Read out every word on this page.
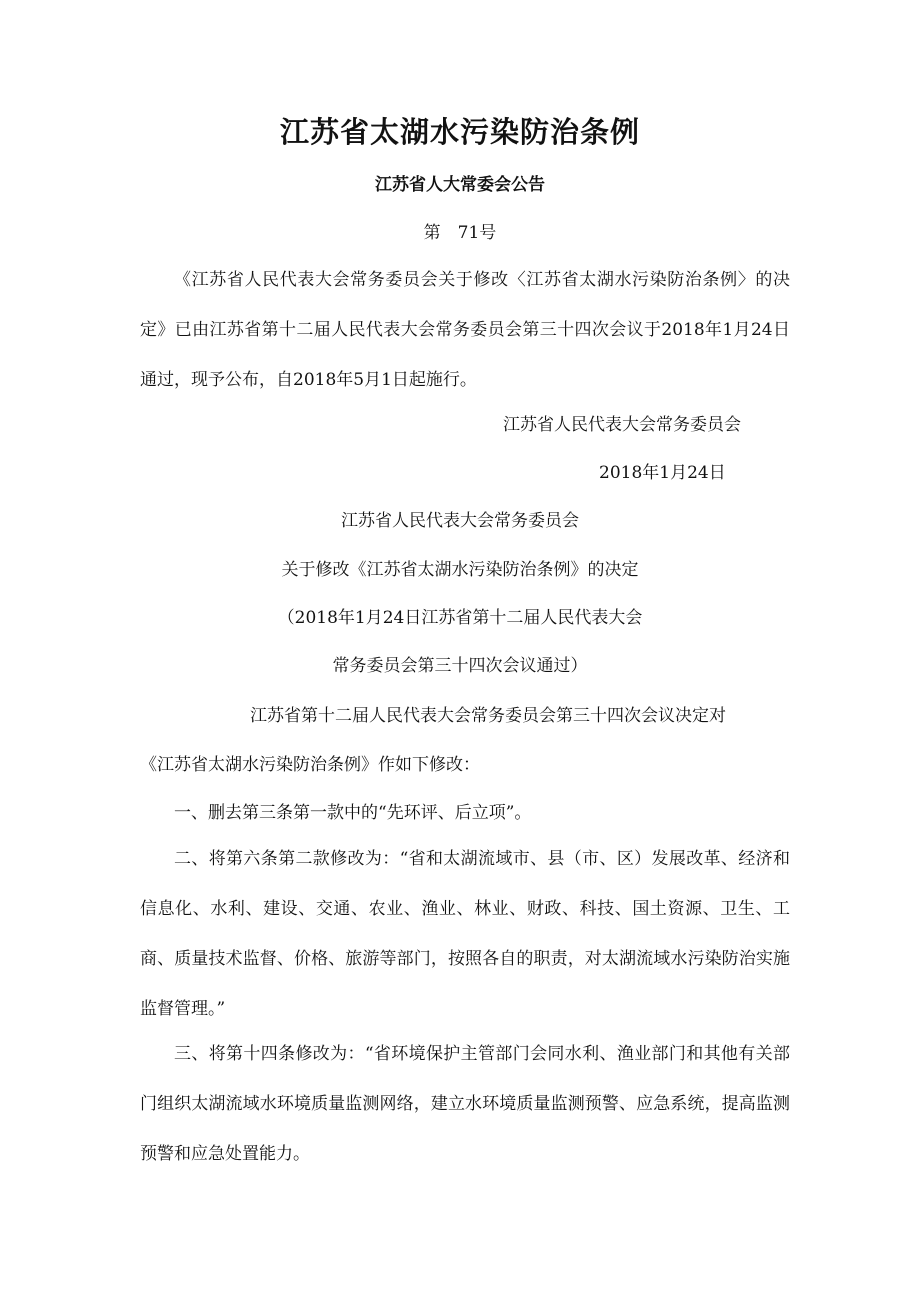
江苏省太湖水污染防治条例
江苏省人大常委会公告
第　71号
《江苏省人民代表大会常务委员会关于修改〈江苏省太湖水污染防治条例〉的决定》已由江苏省第十二届人民代表大会常务委员会第三十四次会议于2018年1月24日通过，现予公布，自2018年5月1日起施行。
江苏省人民代表大会常务委员会
2018年1月24日
江苏省人民代表大会常务委员会
关于修改《江苏省太湖水污染防治条例》的决定
（2018年1月24日江苏省第十二届人民代表大会
常务委员会第三十四次会议通过）
江苏省第十二届人民代表大会常务委员会第三十四次会议决定对
《江苏省太湖水污染防治条例》作如下修改：
一、删去第三条第一款中的“先环评、后立项”。
二、将第六条第二款修改为：“省和太湖流域市、县（市、区）发展改革、经济和信息化、水利、建设、交通、农业、渔业、林业、财政、科技、国土资源、卫生、工商、质量技术监督、价格、旅游等部门，按照各自的职责，对太湖流域水污染防治实施监督管理。”
三、将第十四条修改为：“省环境保护主管部门会同水利、渔业部门和其他有关部门组织太湖流域水环境质量监测网络，建立水环境质量监测预警、应急系统，提高监测预警和应急处置能力。
